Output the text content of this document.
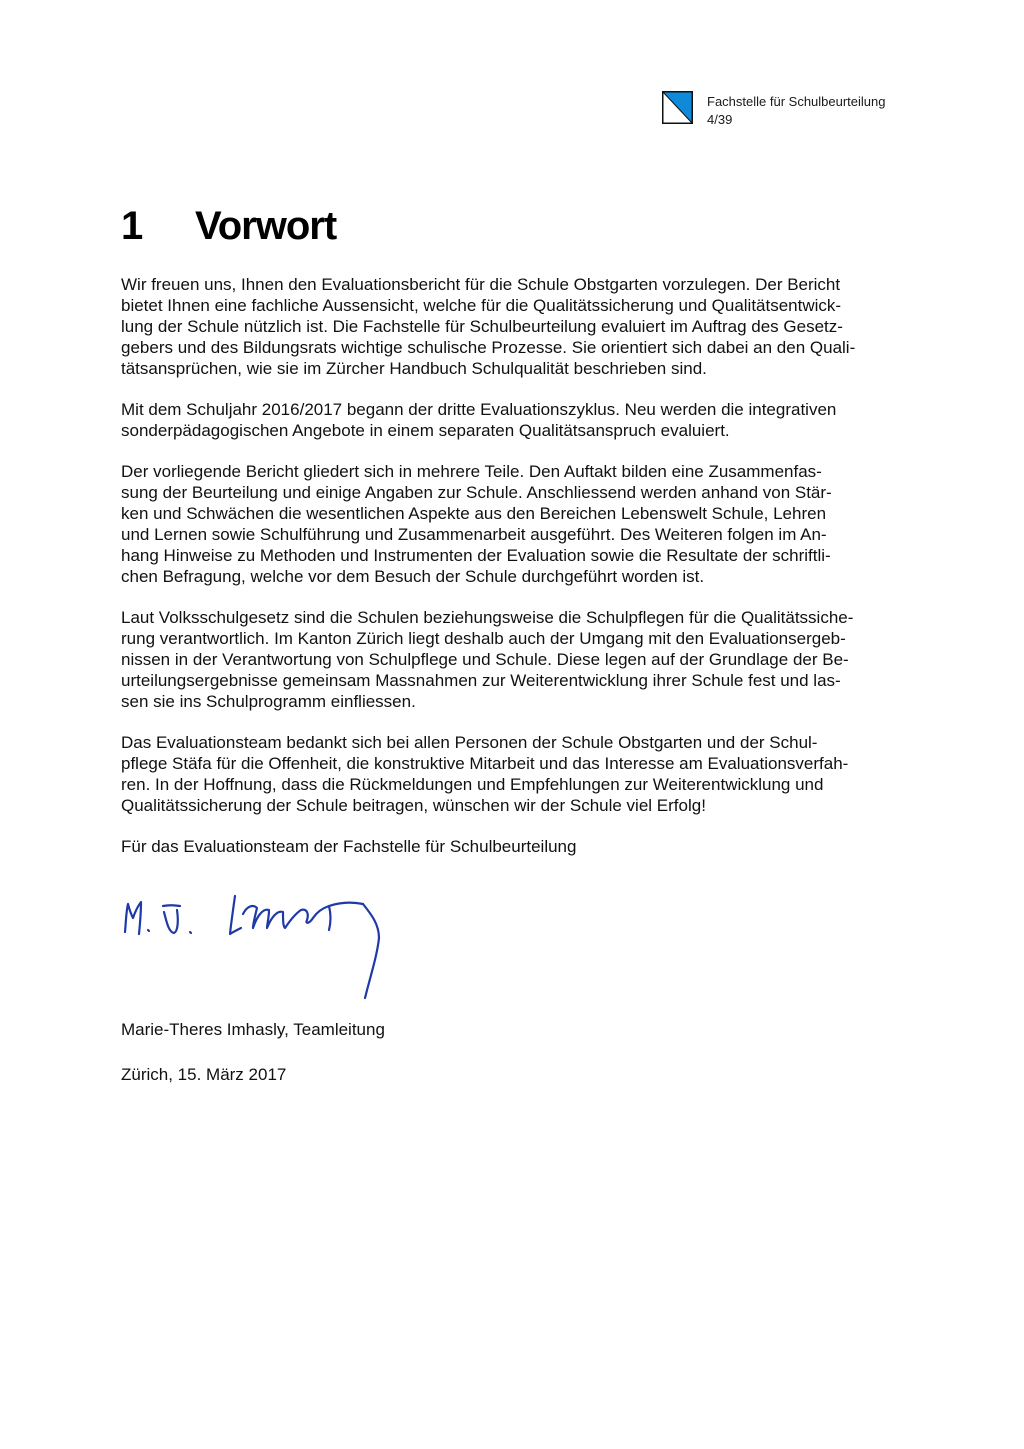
Fachstelle für Schulbeurteilung
4/39
1	Vorwort

Wir freuen uns, Ihnen den Evaluationsbericht für die Schule Obstgarten vorzulegen. Der Bericht
bietet Ihnen eine fachliche Aussensicht, welche für die Qualitätssicherung und Qualitätsentwick-
lung der Schule nützlich ist. Die Fachstelle für Schulbeurteilung evaluiert im Auftrag des Gesetz-
gebers und des Bildungsrats wichtige schulische Prozesse. Sie orientiert sich dabei an den Quali-
tätsansprüchen, wie sie im Zürcher Handbuch Schulqualität beschrieben sind.

Mit dem Schuljahr 2016/2017 begann der dritte Evaluationszyklus. Neu werden die integrativen
sonderpädagogischen Angebote in einem separaten Qualitätsanspruch evaluiert.

Der vorliegende Bericht gliedert sich in mehrere Teile. Den Auftakt bilden eine Zusammenfas-
sung der Beurteilung und einige Angaben zur Schule. Anschliessend werden anhand von Stär-
ken und Schwächen die wesentlichen Aspekte aus den Bereichen Lebenswelt Schule, Lehren
und Lernen sowie Schulführung und Zusammenarbeit ausgeführt. Des Weiteren folgen im An-
hang Hinweise zu Methoden und Instrumenten der Evaluation sowie die Resultate der schriftli-
chen Befragung, welche vor dem Besuch der Schule durchgeführt worden ist.

Laut Volksschulgesetz sind die Schulen beziehungsweise die Schulpflegen für die Qualitätssiche-
rung verantwortlich. Im Kanton Zürich liegt deshalb auch der Umgang mit den Evaluationsergeb-
nissen in der Verantwortung von Schulpflege und Schule. Diese legen auf der Grundlage der Be-
urteilungsergebnisse gemeinsam Massnahmen zur Weiterentwicklung ihrer Schule fest und las-
sen sie ins Schulprogramm einfliessen.

Das Evaluationsteam bedankt sich bei allen Personen der Schule Obstgarten und der Schul-
pflege Stäfa für die Offenheit, die konstruktive Mitarbeit und das Interesse am Evaluationsverfah-
ren. In der Hoffnung, dass die Rückmeldungen und Empfehlungen zur Weiterentwicklung und
Qualitätssicherung der Schule beitragen, wünschen wir der Schule viel Erfolg!

Für das Evaluationsteam der Fachstelle für Schulbeurteilung

Marie-Theres Imhasly, Teamleitung
Zürich, 15. März 2017
